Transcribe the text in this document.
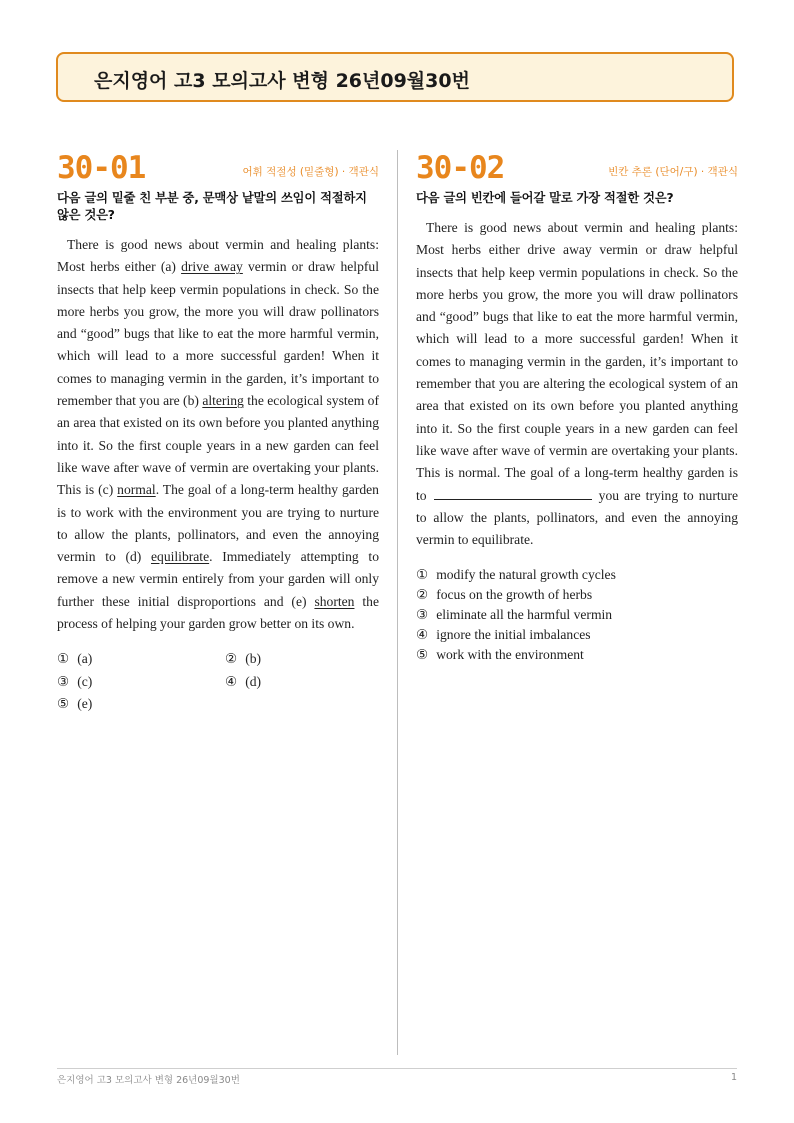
은지영어 고3 모의고사 변형 26년09월30번
30-01	어휘 적절성 (밑줄형) · 객관식
다음 글의 밑줄 친 부분 중, 문맥상 낱말의 쓰임이 적절하지 않은 것은?

There is good news about vermin and healing plants: Most herbs either (a) drive away vermin or draw helpful insects that help keep vermin populations in check. So the more herbs you grow, the more you will draw pollinators and “good” bugs that like to eat the more harmful vermin, which will lead to a more successful garden! When it comes to managing vermin in the garden, it’s important to remember that you are (b) altering the ecological system of an area that existed on its own before you planted anything into it. So the first couple years in a new garden can feel like wave after wave of vermin are overtaking your plants. This is (c) normal. The goal of a long-term healthy garden is to work with the environment you are trying to nurture to allow the plants, pollinators, and even the annoying vermin to (d) equilibrate. Immediately attempting to remove a new vermin entirely from your garden will only further these initial disproportions and (e) shorten the process of helping your garden grow better on its own.

① (a)	② (b)
③ (c)	④ (d)
⑤ (e)
30-02	빈칸 추론 (단어/구) · 객관식
다음 글의 빈칸에 들어갈 말로 가장 적절한 것은?

There is good news about vermin and healing plants: Most herbs either drive away vermin or draw helpful insects that help keep vermin populations in check. So the more herbs you grow, the more you will draw pollinators and “good” bugs that like to eat the more harmful vermin, which will lead to a more successful garden! When it comes to managing vermin in the garden, it’s important to remember that you are altering the ecological system of an area that existed on its own before you planted anything into it. So the first couple years in a new garden can feel like wave after wave of vermin are overtaking your plants. This is normal. The goal of a long-term healthy garden is to	you are trying to nurture to allow the plants, pollinators, and even the annoying vermin to equilibrate.

① modify the natural growth cycles
② focus on the growth of herbs
③ eliminate all the harmful vermin
④ ignore the initial imbalances
⑤ work with the environment
은지영어 고3 모의고사 변형 26년09월30번	1
